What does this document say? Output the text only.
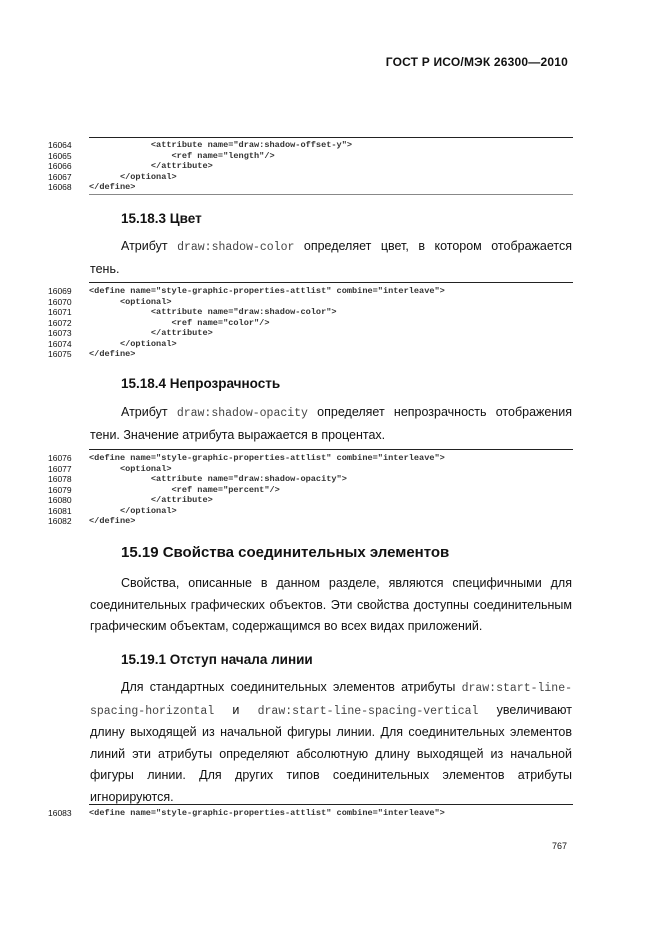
ГОСТ Р ИСО/МЭК 26300—2010
16064	<attribute name="draw:shadow-offset-y">
16065	<ref name="length"/>
16066	</attribute>
16067	</optional>
16068	</define>
15.18.3 Цвет
Атрибут draw:shadow-color определяет цвет, в котором отображается
тень.
16069	<define name="style-graphic-properties-attlist" combine="interleave">
16070	<optional>
16071	<attribute name="draw:shadow-color">
16072	<ref name="color"/>
16073	</attribute>
16074	</optional>
16075	</define>
15.18.4 Непрозрачность
Атрибут draw:shadow-opacity определяет непрозрачность отображения
тени. Значение атрибута выражается в процентах.
16076	<define name="style-graphic-properties-attlist" combine="interleave">
16077	<optional>
16078	<attribute name="draw:shadow-opacity">
16079	<ref name="percent"/>
16080	</attribute>
16081	</optional>
16082	</define>
15.19 Свойства соединительных элементов
Свойства, описанные в данном разделе, являются специфичными для
соединительных графических объектов. Эти свойства доступны соединительным
графическим объектам, содержащимся во всех видах приложений.
15.19.1 Отступ начала линии
Для стандартных соединительных элементов атрибуты draw:start-line-
spacing-horizontal и draw:start-line-spacing-vertical увеличивают
длину выходящей из начальной фигуры линии. Для соединительных элементов
линий эти атрибуты определяют абсолютную длину выходящей из начальной
фигуры линии. Для других типов соединительных элементов атрибуты
игнорируются.
16083	<define name="style-graphic-properties-attlist" combine="interleave">
767
